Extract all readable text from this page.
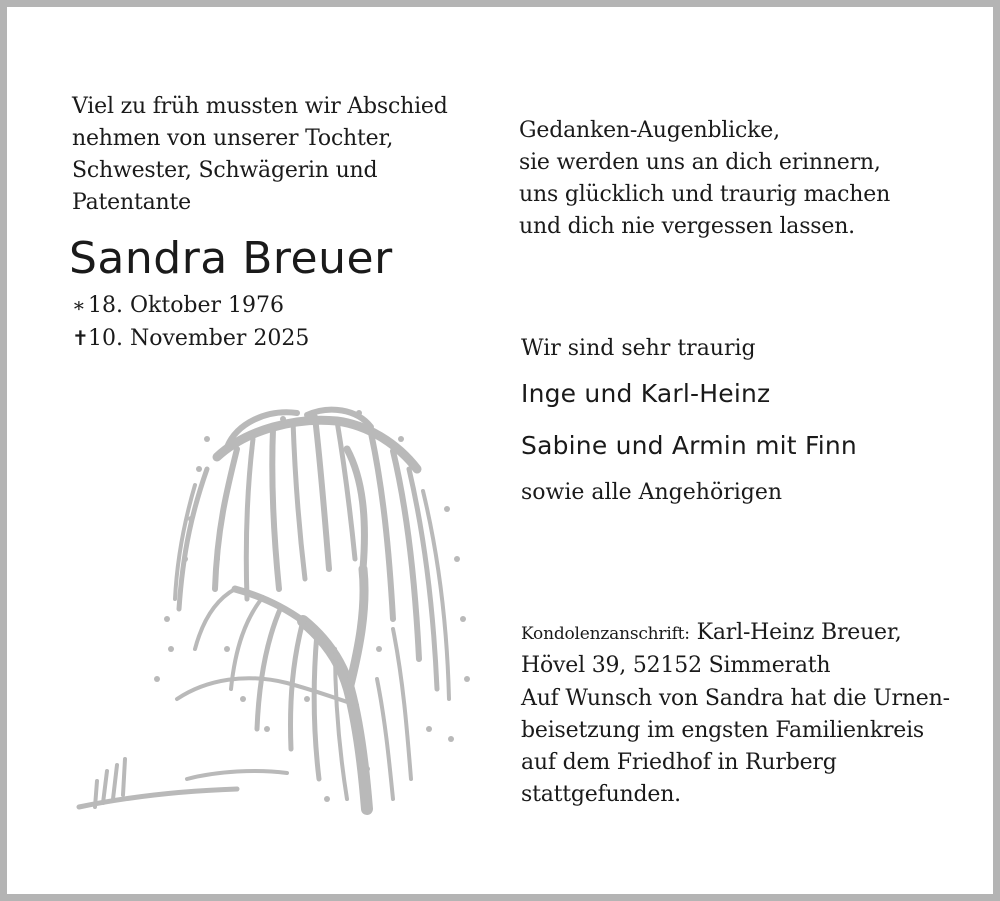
Viel zu früh mussten wir Abschied
nehmen von unserer Tochter,
Schwester, Schwägerin und
Patentante
Sandra Breuer
∗ 18. Oktober 1976
✝10. November 2025
Gedanken-Augenblicke,
sie werden uns an dich erinnern,
uns glücklich und traurig machen
und dich nie vergessen lassen.
Wir sind sehr traurig
Inge und Karl-Heinz
Sabine und Armin mit Finn
sowie alle Angehörigen
Kondolenzanschrift: Karl-Heinz Breuer,
Hövel 39, 52152 Simmerath
Auf Wunsch von Sandra hat die Urnen-
beisetzung im engsten Familienkreis
auf dem Friedhof in Rurberg
stattgefunden.
